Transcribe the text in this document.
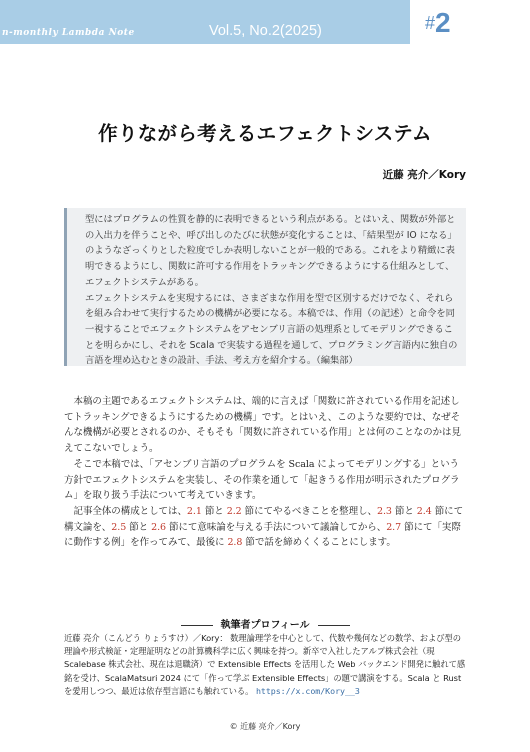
n-monthly Lambda Note	Vol.5, No.2(2025)	#2
作りながら考えるエフェクトシステム
近藤 亮介／Kory

型にはプログラムの性質を静的に表明できるという利点がある。とはいえ、関数が外部との入出力を伴うことや、呼び出しのたびに状態が変化することは、「結果型が IO になる」のようなざっくりとした粒度でしか表明しないことが一般的である。これをより精緻に表明できるようにし、関数に許可する作用をトラッキングできるようにする仕組みとして、エフェクトシステムがある。

エフェクトシステムを実現するには、さまざまな作用を型で区別するだけでなく、それらを組み合わせて実行するための機構が必要になる。本稿では、作用（の記述）と命令を同一視することでエフェクトシステムをアセンブリ言語の処理系としてモデリングできることを明らかにし、それを Scala で実装する過程を通して、プログラミング言語内に独自の言語を埋め込むときの設計、手法、考え方を紹介する。（編集部）

本稿の主題であるエフェクトシステムは、端的に言えば「関数に許されている作用を記述してトラッキングできるようにするための機構」です。とはいえ、このような要約では、なぜそんな機構が必要とされるのか、そもそも「関数に許されている作用」とは何のことなのかは見えてこないでしょう。

そこで本稿では、「アセンブリ言語のプログラムを Scala によってモデリングする」という方針でエフェクトシステムを実装し、その作業を通して「起きうる作用が明示されたプログラム」を取り扱う手法について考えていきます。

記事全体の構成としては、2.1 節と 2.2 節にてやるべきことを整理し、2.3 節と 2.4 節にて構文論を、2.5 節と 2.6 節にて意味論を与える手法について議論してから、2.7 節にて「実際に動作する例」を作ってみて、最後に 2.8 節で話を締めくくることにします。

執筆者プロフィール

近藤 亮介（こんどう りょうすけ）／Kory： 数理論理学を中心として、代数や幾何などの数学、および型の理論や形式検証・定理証明などの計算機科学に広く興味を持つ。新卒で入社したアルプ株式会社（現 Scalebase 株式会社、現在は退職済）で Extensible Effects を活用した Web バックエンド開発に触れて感銘を受け、ScalaMatsuri 2024 にて「作って学ぶ Extensible Effects」の題で講演をする。Scala と Rust を愛用しつつ、最近は依存型言語にも触れている。 https://x.com/Kory__3

© 近藤 亮介／Kory
